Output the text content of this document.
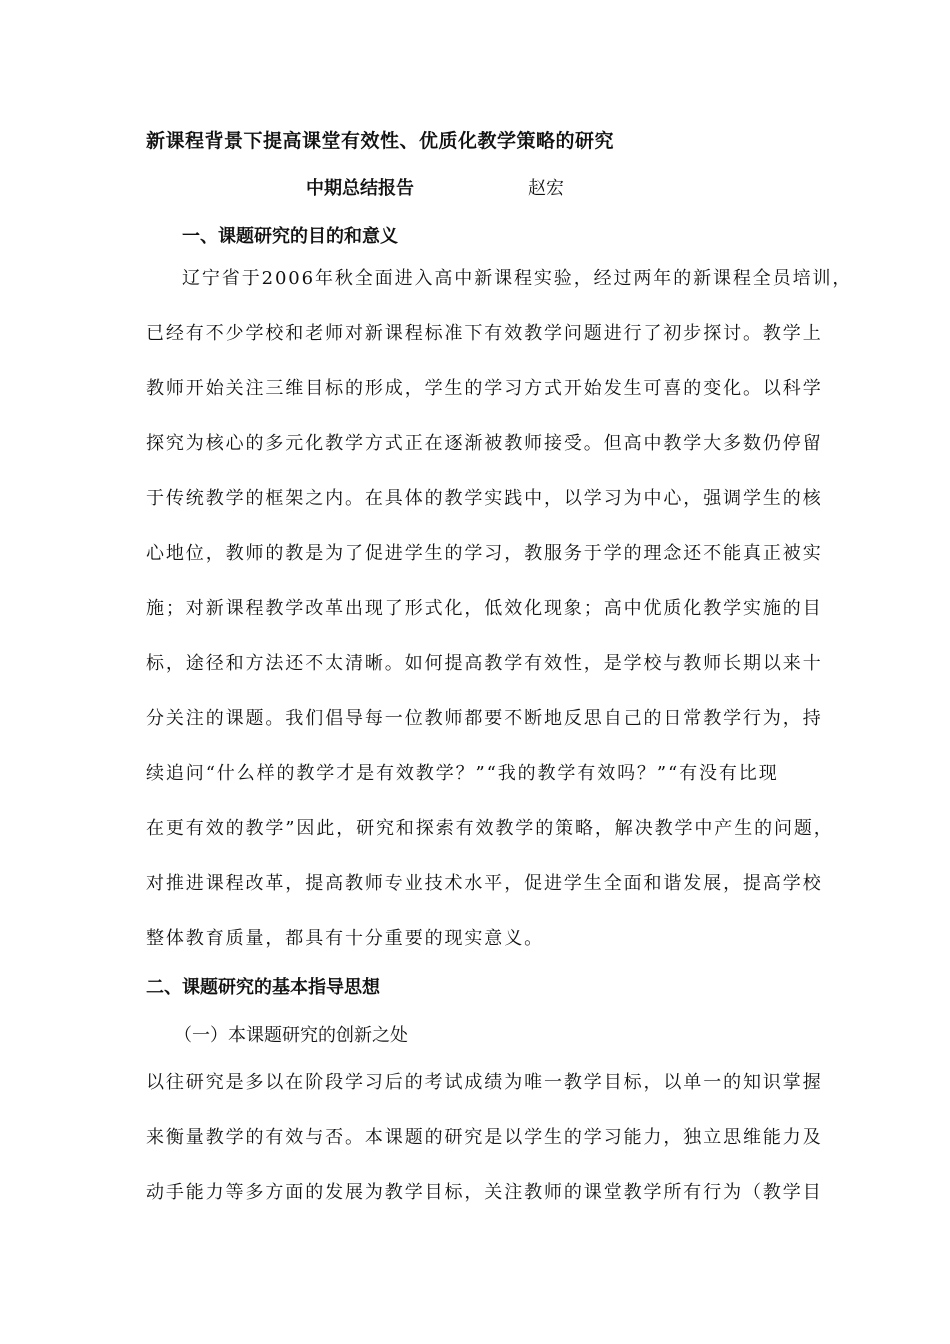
新课程背景下提高课堂有效性、优质化教学策略的研究
中期总结报告	赵宏
一、课题研究的目的和意义
辽宁省于2006年秋全面进入高中新课程实验，经过两年的新课程全员培训，
已经有不少学校和老师对新课程标准下有效教学问题进行了初步探讨。教学上
教师开始关注三维目标的形成，学生的学习方式开始发生可喜的变化。以科学
探究为核心的多元化教学方式正在逐渐被教师接受。但高中教学大多数仍停留
于传统教学的框架之内。在具体的教学实践中，以学习为中心，强调学生的核
心地位，教师的教是为了促进学生的学习，教服务于学的理念还不能真正被实
施；对新课程教学改革出现了形式化，低效化现象；高中优质化教学实施的目
标，途径和方法还不太清晰。如何提高教学有效性，是学校与教师长期以来十
分关注的课题。我们倡导每一位教师都要不断地反思自己的日常教学行为，持
续追问“什么样的教学才是有效教学？”“我的教学有效吗？”“有没有比现
在更有效的教学”因此，研究和探索有效教学的策略，解决教学中产生的问题，
对推进课程改革，提高教师专业技术水平，促进学生全面和谐发展，提高学校
整体教育质量，都具有十分重要的现实意义。
二、课题研究的基本指导思想
（一）本课题研究的创新之处
以往研究是多以在阶段学习后的考试成绩为唯一教学目标，以单一的知识掌握
来衡量教学的有效与否。本课题的研究是以学生的学习能力，独立思维能力及
动手能力等多方面的发展为教学目标，关注教师的课堂教学所有行为（教学目
